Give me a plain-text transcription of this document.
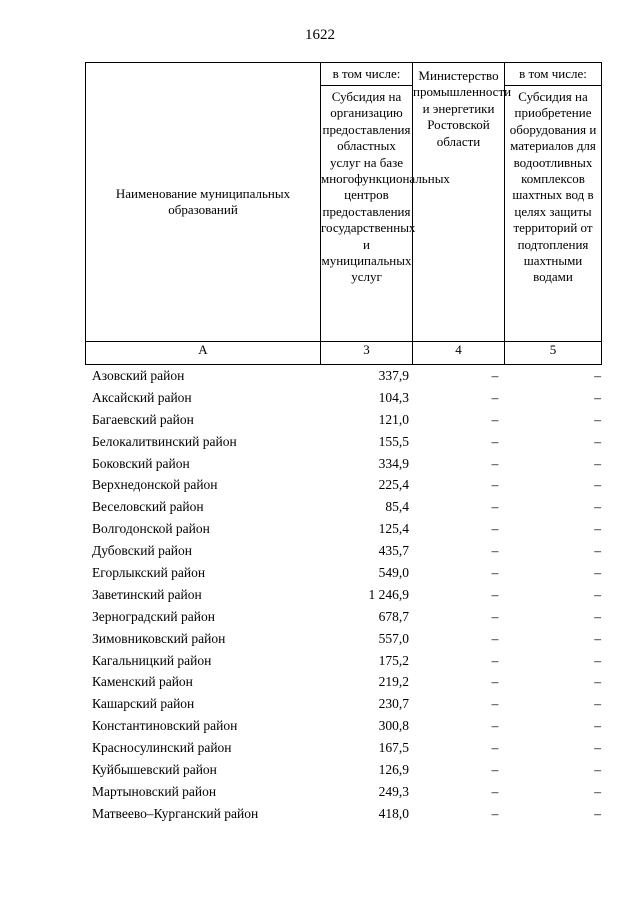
1622
Наименование муниципальных образований	в том числе:	Министерство промышленности и энергетики Ростовской области	в том числе:
	Субсидия на организацию предоставления областных услуг на базе многофункциональных центров предоставления государственных и муниципальных услуг		Субсидия на приобретение оборудования и материалов для водоотливных комплексов шахтных вод в целях защиты территорий от подтопления шахтными водами
А	3	4	5
Азовский район	337,9	–	–
Аксайский район	104,3	–	–
Багаевский район	121,0	–	–
Белокалитвинский район	155,5	–	–
Боковский район	334,9	–	–
Верхнедонской район	225,4	–	–
Веселовский район	85,4	–	–
Волгодонской район	125,4	–	–
Дубовский район	435,7	–	–
Егорлыкский район	549,0	–	–
Заветинский район	1 246,9	–	–
Зерноградский район	678,7	–	–
Зимовниковский район	557,0	–	–
Кагальницкий район	175,2	–	–
Каменский район	219,2	–	–
Кашарский район	230,7	–	–
Константиновский район	300,8	–	–
Красносулинский район	167,5	–	–
Куйбышевский район	126,9	–	–
Мартыновский район	249,3	–	–
Матвеево–Курганский район	418,0	–	–
